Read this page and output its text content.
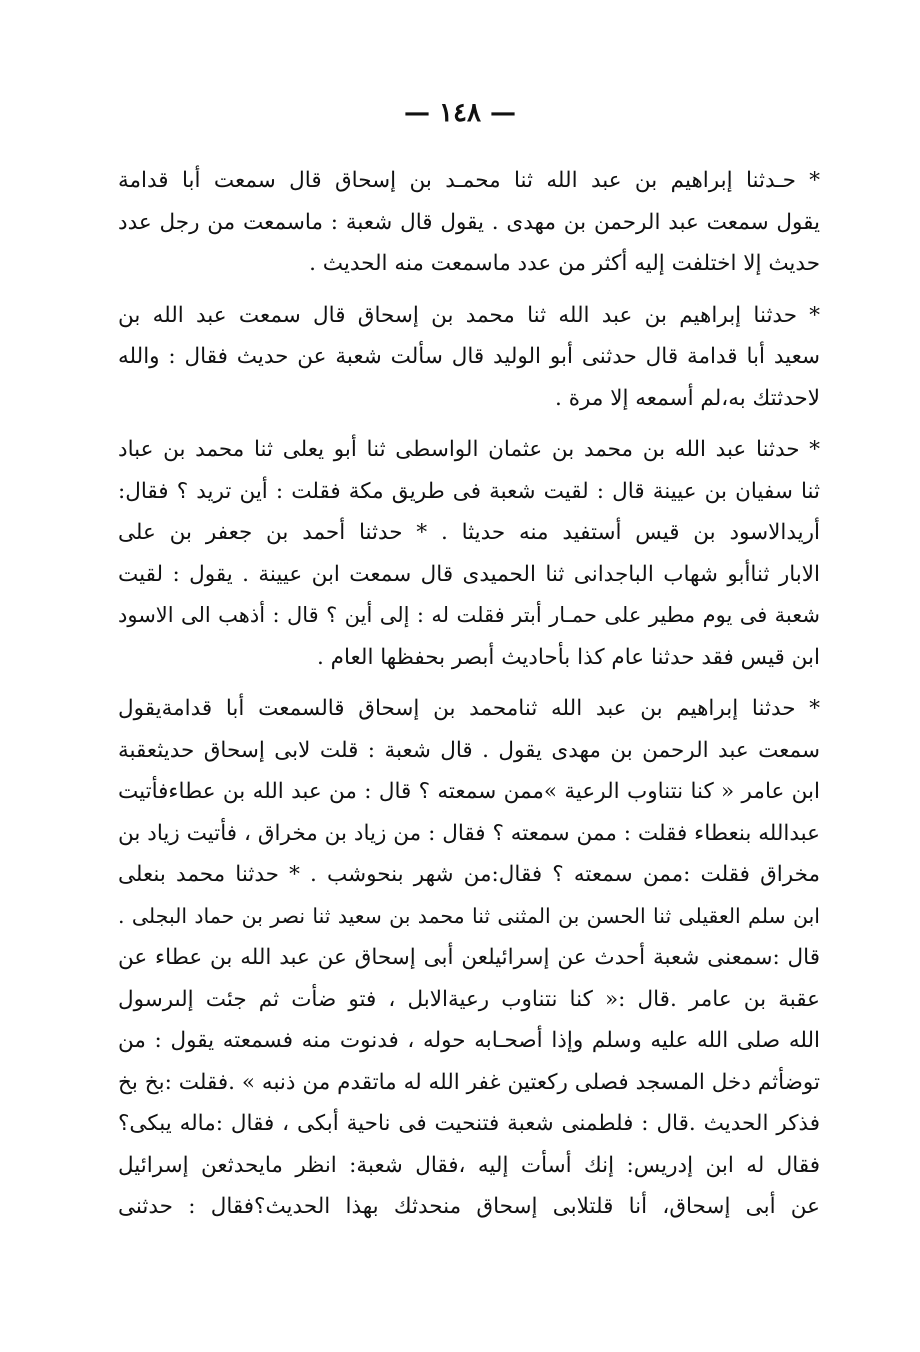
— ١٤٨ —
* حـدثنا إبراهيم بن عبد الله ثنا محمـد بن إسحاق قال سمعت أبا قدامة
يقول سمعت عبد الرحمن بن مهدى . يقول قال شعبة : ماسمعت من رجل عدد
حديث إلا اختلفت إليه أكثر من عدد ماسمعت منه الحديث .
* حدثنا إبراهيم بن عبد الله ثنا محمد بن إسحاق قال سمعت عبد الله بن
سعيد أبا قدامة قال حدثنى أبو الوليد قال سألت شعبة عن حديث فقال : والله
لاحدثتك به،لم أسمعه إلا مرة .
* حدثنا عبد الله بن محمد بن عثمان الواسطى ثنا أبو يعلى ثنا محمد بن عباد
ثنا سفيان بن عيينة قال : لقيت شعبة فى طريق مكة فقلت : أين تريد ؟ فقال:
أريدالاسود بن قيس أستفيد منه حديثا . * حدثنا أحمد بن جعفر بن على
الابار ثناأبو شهاب الباجدانى ثنا الحميدى قال سمعت ابن عيينة . يقول : لقيت
شعبة فى يوم مطير على حمـار أبتر فقلت له : إلى أين ؟ قال : أذهب الى الاسود
ابن قيس فقد حدثنا عام كذا بأحاديث أبصر بحفظها العام .
* حدثنا إبراهيم بن عبد الله ثنامحمد بن إسحاق قالسمعت أبا قدامةيقول
سمعت عبد الرحمن بن مهدى يقول . قال شعبة : قلت لابى إسحاق حديثعقبة
ابن عامر « كنا نتناوب الرعية »ممن سمعته ؟ قال : من عبد الله بن عطاءفأتيت
عبدالله بنعطاء فقلت : ممن سمعته ؟ فقال : من زياد بن مخراق ، فأتيت زياد بن
مخراق فقلت :ممن سمعته ؟ فقال:من شهر بنحوشب . * حدثنا محمد بنعلى
ابن سلم العقيلى ثنا الحسن بن المثنى ثنا محمد بن سعيد ثنا نصر بن حماد البجلى .
قال :سمعنى شعبة أحدث عن إسرائيلعن أبى إسحاق عن عبد الله بن عطاء عن
عقبة بن عامر .قال :« كنا نتناوب رعيةالابل ، فتو ضأت ثم جئت إلىرسول
الله صلى الله عليه وسلم وإذا أصحـابه حوله ، فدنوت منه فسمعته يقول : من
توضأثم دخل المسجد فصلى ركعتين غفر الله له ماتقدم من ذنبه » .فقلت :بخ بخ
فذكر الحديث .قال : فلطمنى شعبة فتنحيت فى ناحية أبكى ، فقال :ماله يبكى؟
فقال له ابن إدريس: إنك أسأت إليه ،فقال شعبة: انظر مايحدثعن إسرائيل
عن أبى إسحاق، أنا قلتلابى إسحاق منحدثك بهذا الحديث؟فقال : حدثنى
